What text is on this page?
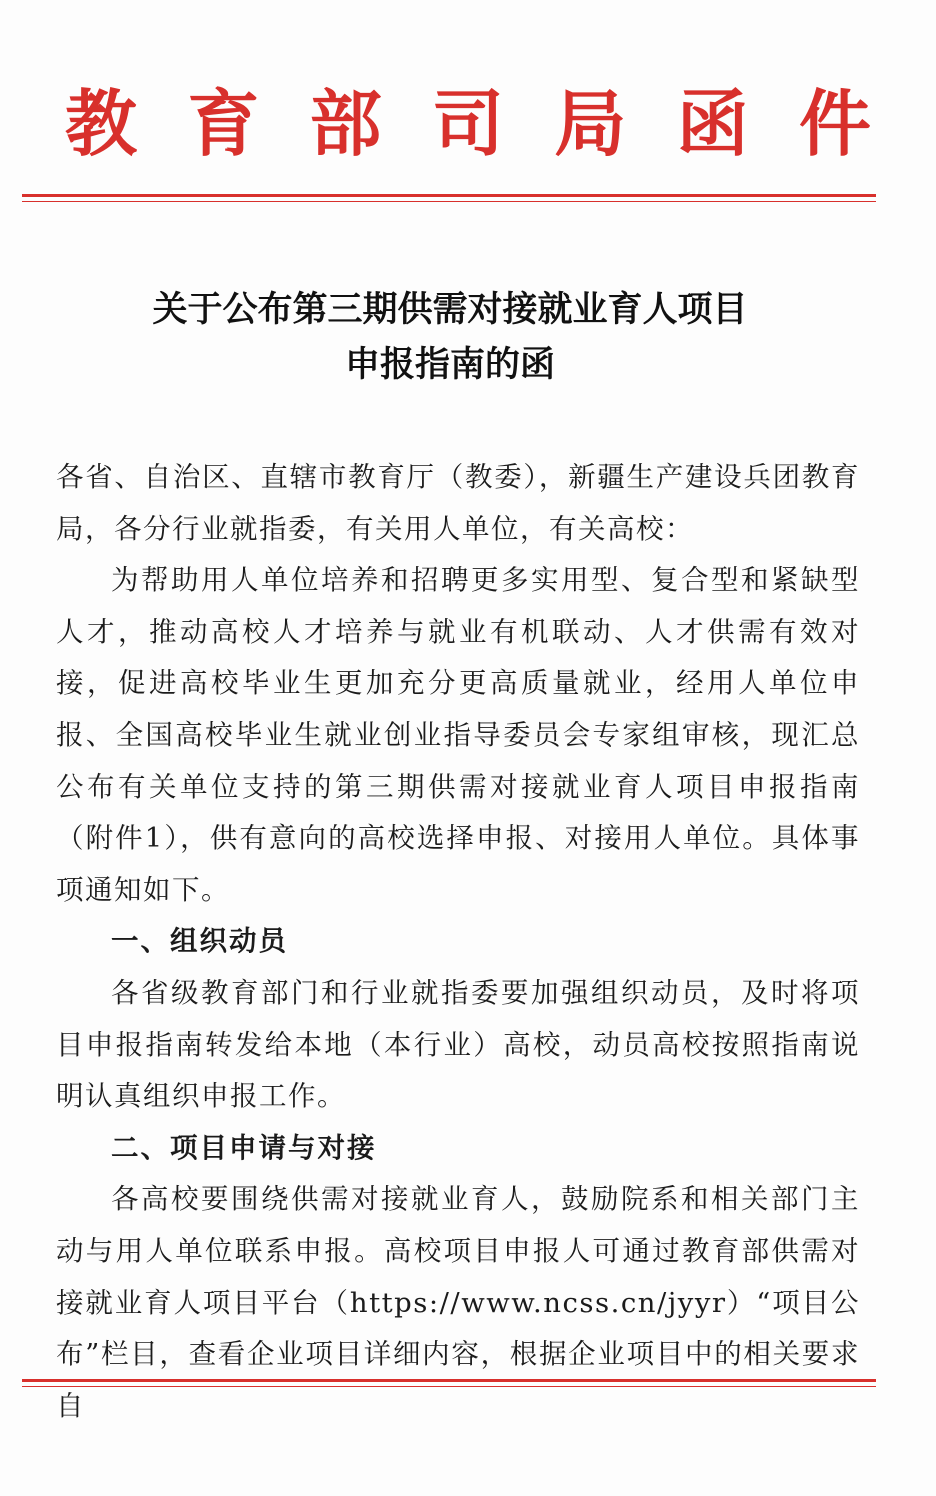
教 育 部 司 局 函 件
关于公布第三期供需对接就业育人项目
申报指南的函

各省、自治区、直辖市教育厅（教委），新疆生产建设兵团教育局，各分行业就指委，有关用人单位，有关高校：

为帮助用人单位培养和招聘更多实用型、复合型和紧缺型人才，推动高校人才培养与就业有机联动、人才供需有效对接，促进高校毕业生更加充分更高质量就业，经用人单位申报、全国高校毕业生就业创业指导委员会专家组审核，现汇总公布有关单位支持的第三期供需对接就业育人项目申报指南（附件1），供有意向的高校选择申报、对接用人单位。具体事项通知如下。

一、组织动员

各省级教育部门和行业就指委要加强组织动员，及时将项目申报指南转发给本地（本行业）高校，动员高校按照指南说明认真组织申报工作。

二、项目申请与对接

各高校要围绕供需对接就业育人，鼓励院系和相关部门主动与用人单位联系申报。高校项目申报人可通过教育部供需对接就业育人项目平台（https://www.ncss.cn/jyyr）“项目公布”栏目，查看企业项目详细内容，根据企业项目中的相关要求自
